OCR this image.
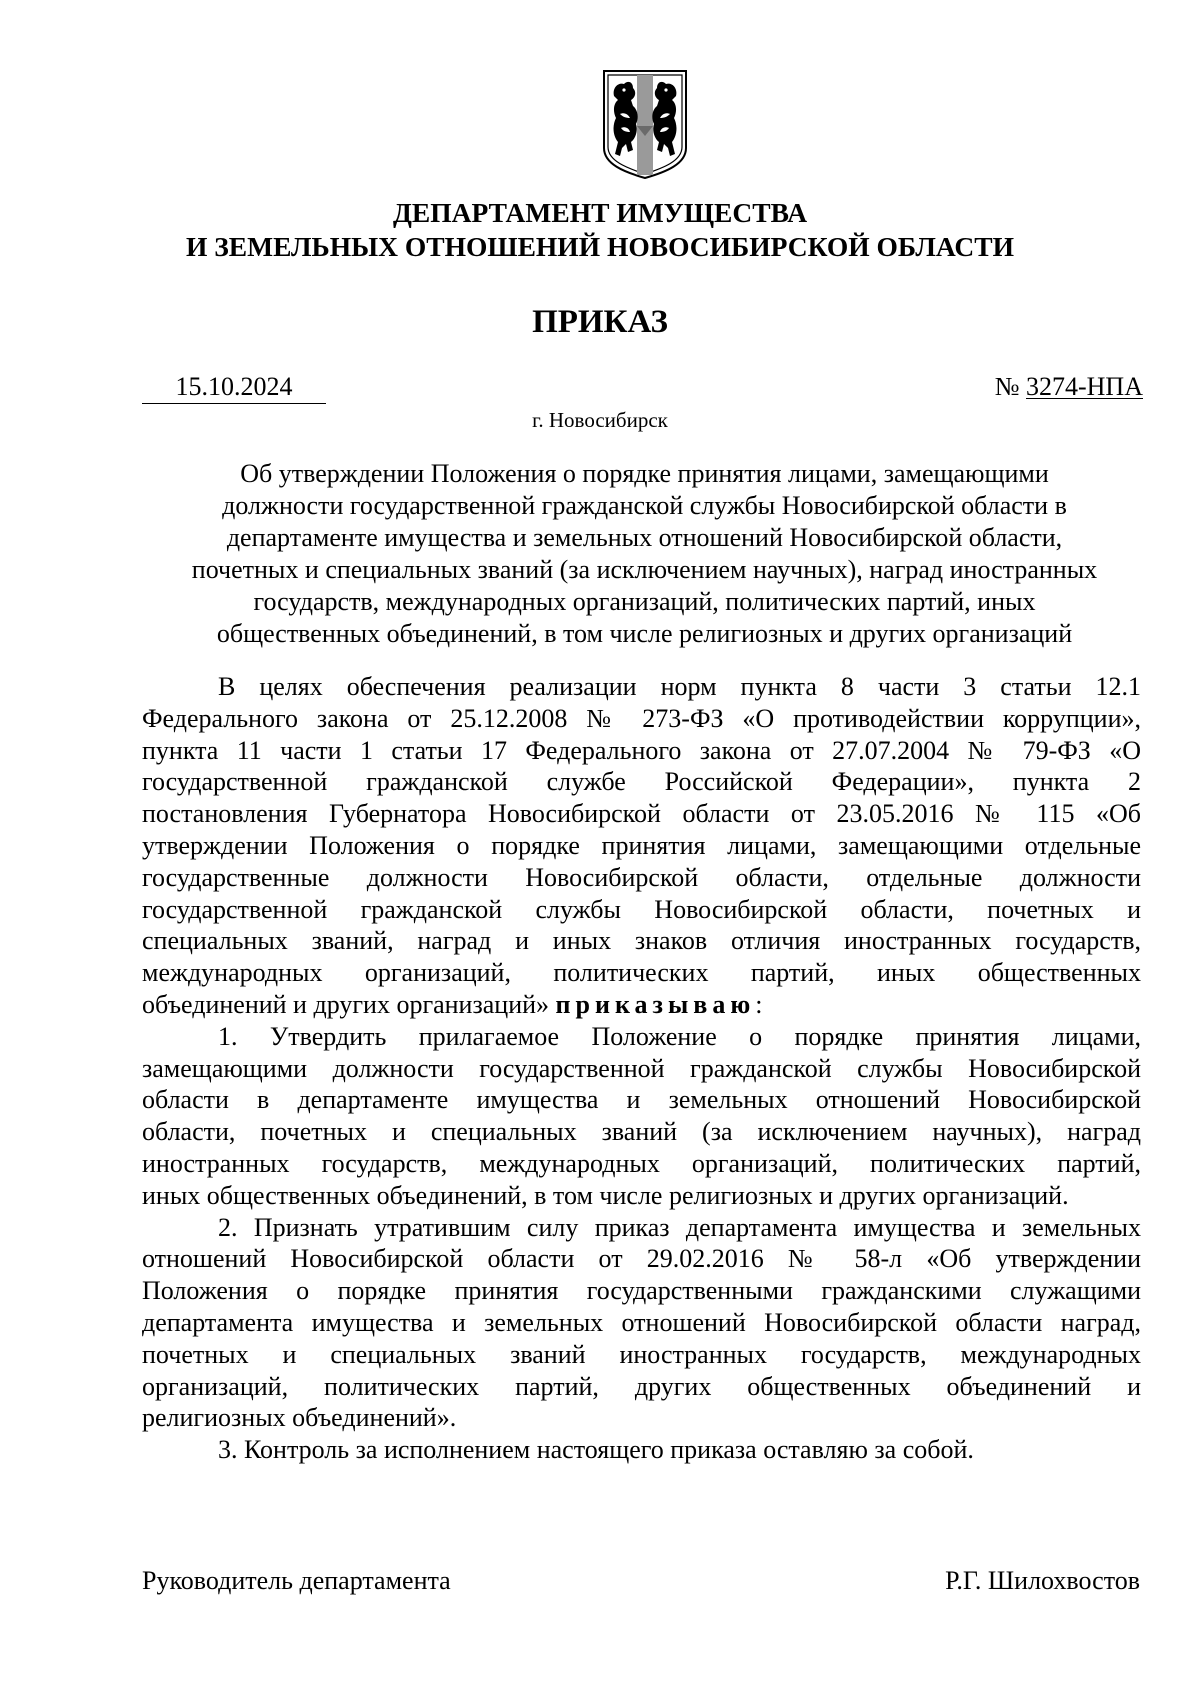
ДЕПАРТАМЕНТ ИМУЩЕСТВА
И ЗЕМЕЛЬНЫХ ОТНОШЕНИЙ НОВОСИБИРСКОЙ ОБЛАСТИ
ПРИКАЗ
15.10.2024	№ 3274-НПА
г. Новосибирск
Об утверждении Положения о порядке принятия лицами, замещающими
должности государственной гражданской службы Новосибирской области в
департаменте имущества и земельных отношений Новосибирской области,
почетных и специальных званий (за исключением научных), наград иностранных
государств, международных организаций, политических партий, иных
общественных объединений, в том числе религиозных и других организаций
В целях обеспечения реализации норм пункта 8 части 3 статьи 12.1
Федерального закона от 25.12.2008 № 273-ФЗ «О противодействии коррупции»,
пункта 11 части 1 статьи 17 Федерального закона от 27.07.2004 № 79-ФЗ «О
государственной гражданской службе Российской Федерации», пункта 2
постановления Губернатора Новосибирской области от 23.05.2016 № 115 «Об
утверждении Положения о порядке принятия лицами, замещающими отдельные
государственные должности Новосибирской области, отдельные должности
государственной гражданской службы Новосибирской области, почетных и
специальных званий, наград и иных знаков отличия иностранных государств,
международных организаций, политических партий, иных общественных
объединений и других организаций» приказываю:
1. Утвердить прилагаемое Положение о порядке принятия лицами,
замещающими должности государственной гражданской службы Новосибирской
области в департаменте имущества и земельных отношений Новосибирской
области, почетных и специальных званий (за исключением научных), наград
иностранных государств, международных организаций, политических партий,
иных общественных объединений, в том числе религиозных и других организаций.
2. Признать утратившим силу приказ департамента имущества и земельных
отношений Новосибирской области от 29.02.2016 № 58-л «Об утверждении
Положения о порядке принятия государственными гражданскими служащими
департамента имущества и земельных отношений Новосибирской области наград,
почетных и специальных званий иностранных государств, международных
организаций, политических партий, других общественных объединений и
религиозных объединений».
3. Контроль за исполнением настоящего приказа оставляю за собой.
Руководитель департамента	Р.Г. Шилохвостов
